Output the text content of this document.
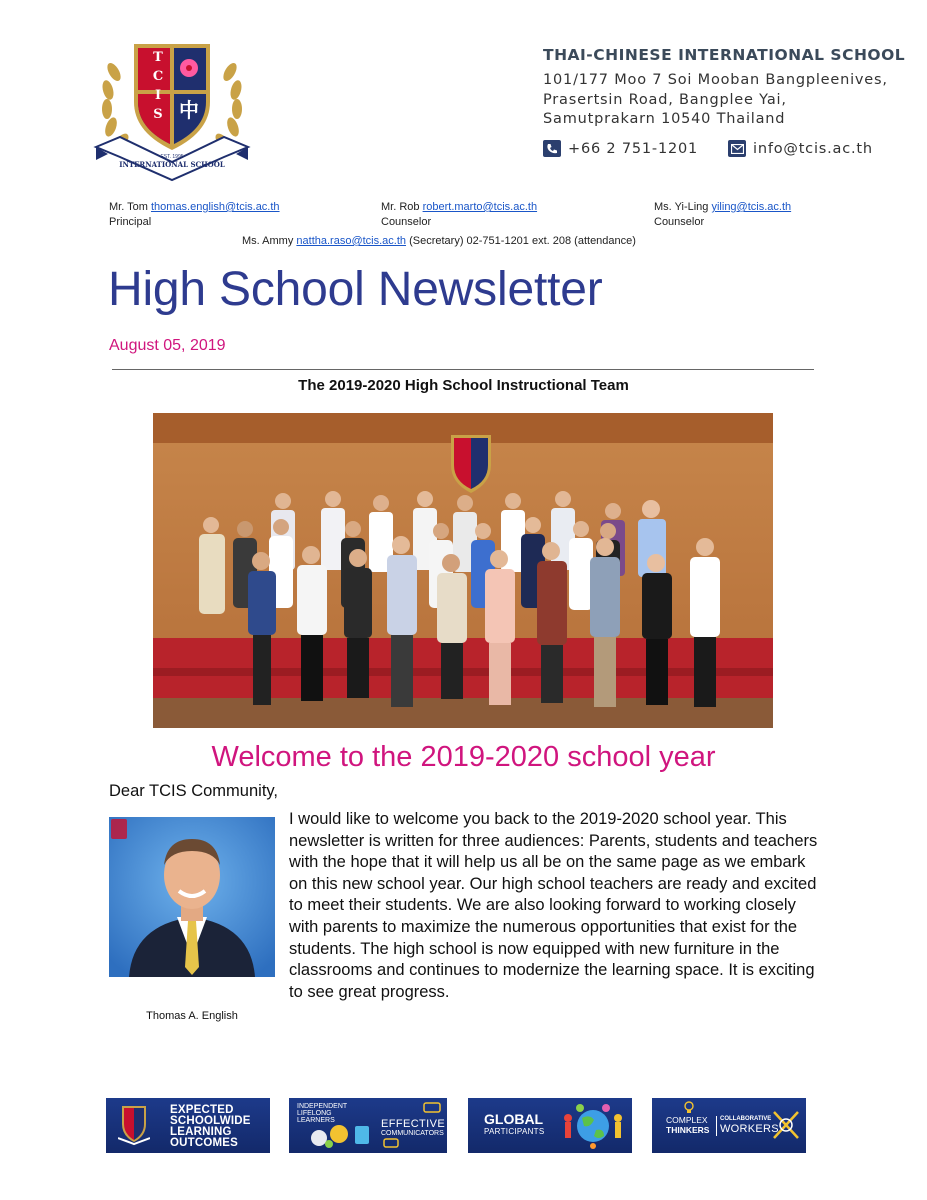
T
C
I
S 中
EST. 1995
INTERNATIONAL SCHOOL
THAI-CHINESE INTERNATIONAL SCHOOL
101/177 Moo 7 Soi Mooban Bangpleenives,
Prasertsin Road, Bangplee Yai,
Samutprakarn 10540 Thailand
+66 2 751-1201	info@tcis.ac.th
Mr. Tom thomas.english@tcis.ac.th
Principal
Mr. Rob robert.marto@tcis.ac.th
Counselor
Ms. Yi-Ling yiling@tcis.ac.th
Counselor
Ms. Ammy nattha.raso@tcis.ac.th (Secretary) 02-751-1201 ext. 208 (attendance)
High School Newsletter
August 05, 2019
The 2019-2020 High School Instructional Team
Welcome to the 2019-2020 school year
Dear TCIS Community,
Thomas A. English

I would like to welcome you back to the 2019-2020 school year. This newsletter is written for three audiences: Parents, students and teachers with the hope that it will help us all be on the same page as we embark on this new school year. Our high school teachers are ready and excited to meet their students. We are also looking forward to working closely with parents to maximize the numerous opportunities that exist for the students. The high school is now equipped with new furniture in the classrooms and continues to modernize the learning space. It is exciting to see great progress.

EXPECTED
SCHOOLWIDE
LEARNING
OUTCOMES
INDEPENDENT
LIFELONG
LEARNERS	EFFECTIVE
COMMUNICATORS
GLOBAL
PARTICIPANTS
COMPLEX
THINKERS
COLLABORATIVE
WORKERS
